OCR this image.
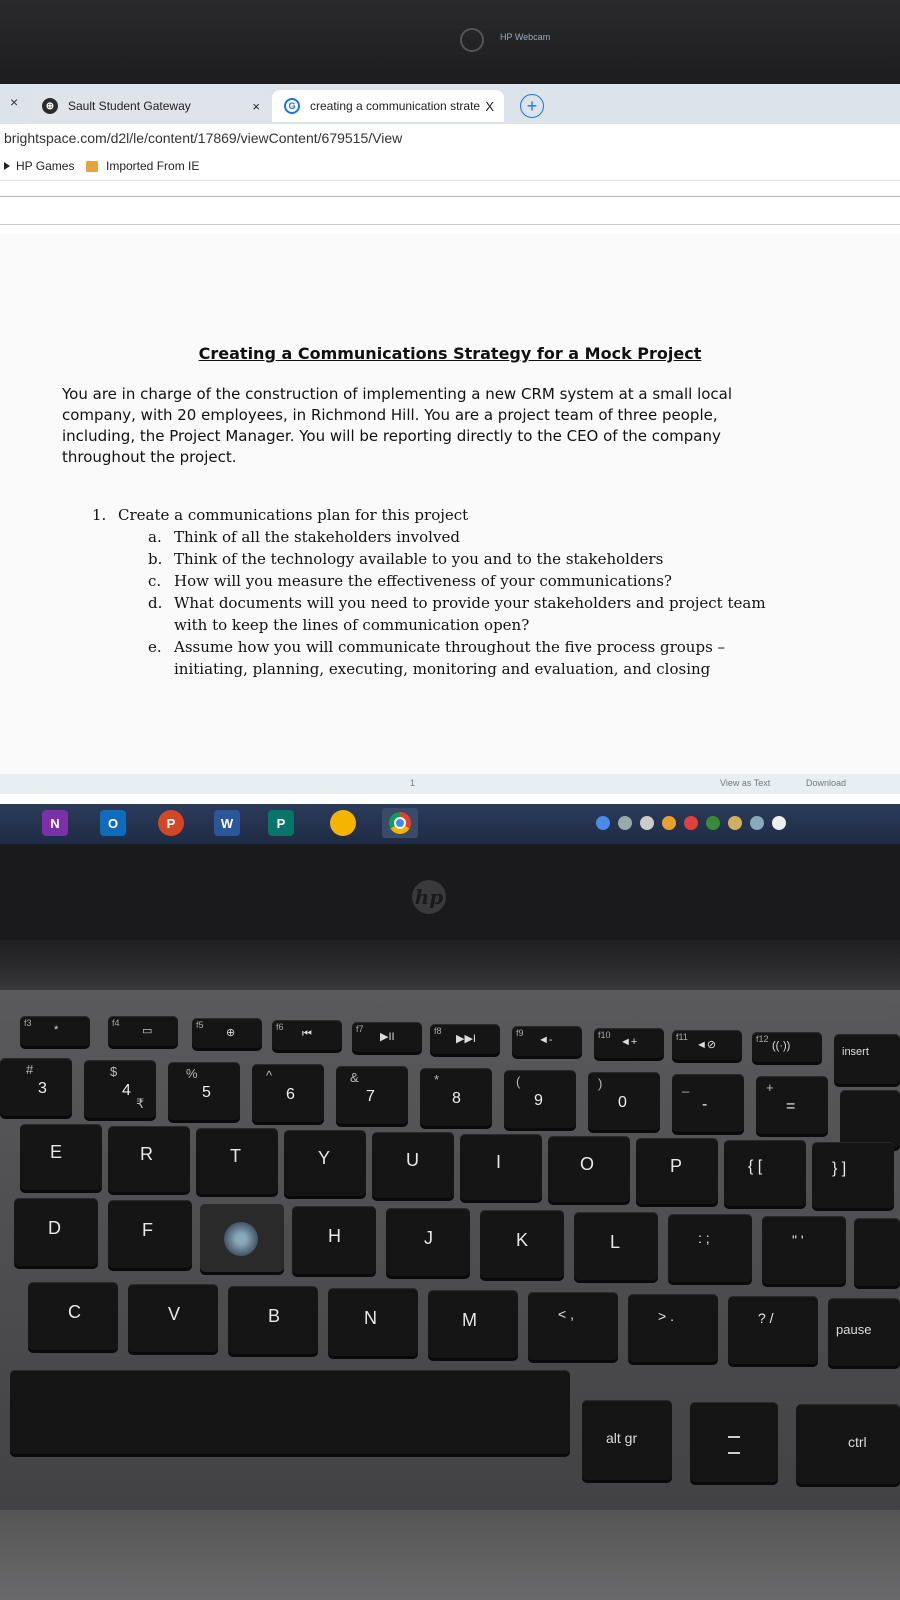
HP Webcam
×	⊕	Sault Student Gateway	×	G	creating a communication strate X	+
brightspace.com/d2l/le/content/17869/viewContent/679515/View
HP Games	Imported From IE
Creating a Communications Strategy for a Mock Project
You are in charge of the construction of implementing a new CRM system at a small local company, with 20 employees, in Richmond Hill. You are a project team of three people, including, the Project Manager. You will be reporting directly to the CEO of the company throughout the project.
1. Create a communications plan for this project
a. Think of all the stakeholders involved
b. Think of the technology available to you and to the stakeholders
c. How will you measure the effectiveness of your communications?
d. What documents will you need to provide your stakeholders and project team with to keep the lines of communication open?
e. Assume how you will communicate throughout the five process groups – initiating, planning, executing, monitoring and evaluation, and closing
1	View as Text	Download
N	O	P	W	P
hp
f3
*
f4
▭	f5
⊕	f6
⏮	f7
▶II	f8
▶▶I	f9
◄-	f10
◄+	f11
◄⊘	f12
((·))	insert
#
3
$
4
₹
%
5
^
6
&
7
*
8
(
9
)
0
_
-
+
=
E	R	T	Y	U	I	O	P	{ [	} ]
D	F	H	J	K	L	: ;	" '
C	V	B	N	M	< ,	> .	? /
pause
alt gr	ctrl
